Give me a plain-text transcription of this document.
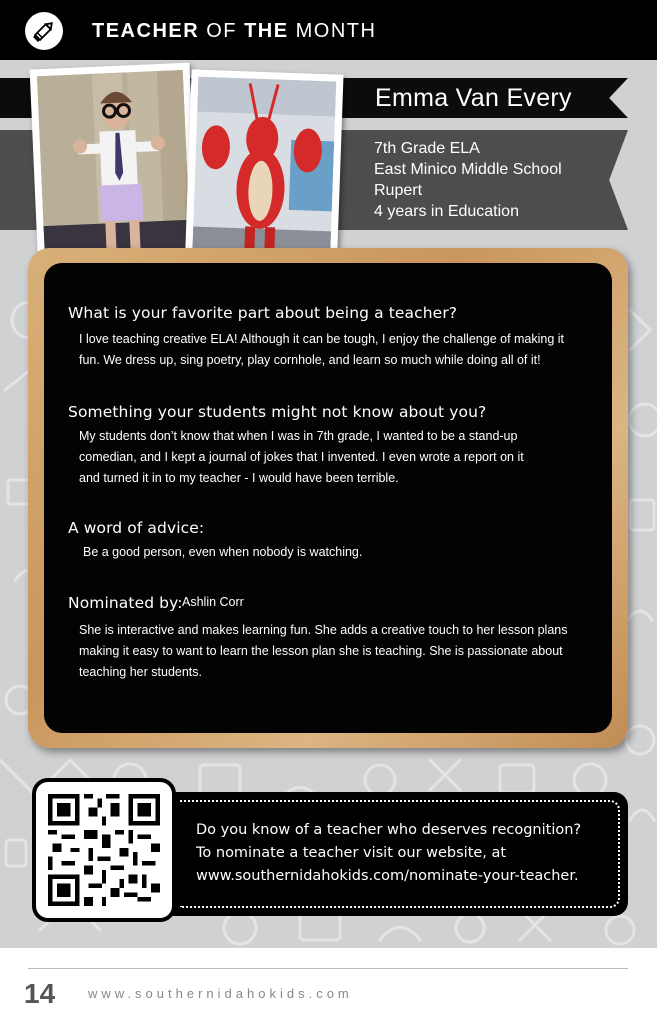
TEACHER OF THE MONTH
Emma Van Every
7th Grade ELA
East Minico Middle School
Rupert
4 years in Education
What is your favorite part about being a teacher?
I love teaching creative ELA! Although it can be tough, I enjoy the challenge of making it
fun. We dress up, sing poetry, play cornhole, and learn so much while doing all of it!
Something your students might not know about you?
My students don’t know that when I was in 7th grade, I wanted to be a stand-up
comedian, and I kept a journal of jokes that I invented. I even wrote a report on it
and turned it in to my teacher - I would have been terrible.
A word of advice:
Be a good person, even when nobody is watching.
Nominated by: Ashlin Corr
She is interactive and makes learning fun. She adds a creative touch to her lesson plans
making it easy to want to learn the lesson plan she is teaching. She is passionate about
teaching her students.
Do you know of a teacher who deserves recognition?
To nominate a teacher visit our website, at
www.southernidahokids.com/nominate-your-teacher.
14	www.southernidahokids.com
